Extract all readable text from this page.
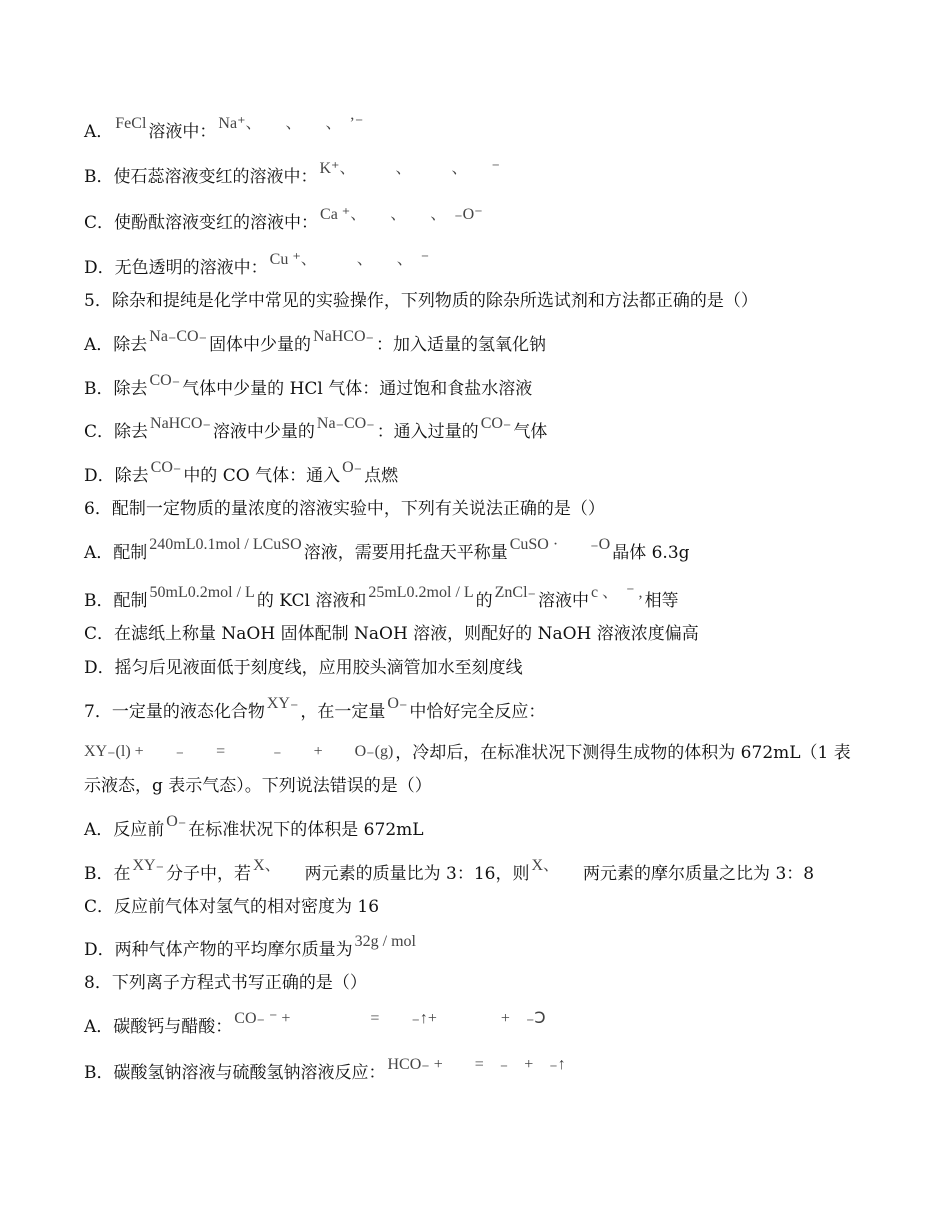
A． FeCl 溶液中： Na⁺、　　、　　、　ʼ⁻
B．使石蕊溶液变红的溶液中： K⁺、　　　、　　　、　　⁻
C．使酚酞溶液变红的溶液中： Ca ⁺、　　、　　、　₋O⁻
D．无色透明的溶液中： Cu ⁺、　　　、　　、　⁻
5．除杂和提纯是化学中常见的实验操作，下列物质的除杂所选试剂和方法都正确的是（）
A．除去 Na₋CO₋ 固体中少量的 NaHCO₋ ：加入适量的氢氧化钠
B．除去 CO₋ 气体中少量的 HCl 气体：通过饱和食盐水溶液
C．除去 NaHCO₋ 溶液中少量的 Na₋CO₋ ：通入过量的 CO₋ 气体
D．除去 CO₋ 中的 CO 气体：通入 O₋ 点燃
6．配制一定物质的量浓度的溶液实验中，下列有关说法正确的是（）
A．配制 240mL0.1mol / LCuSO 溶液，需要用托盘天平称量 CuSO ·　　₋O 晶体 6.3g
B．配制 50mL0.2mol / L 的 KCl 溶液和 25mL0.2mol / L 的 ZnCl₋ 溶液中 c 、　⁻ , 相等
C．在滤纸上称量 NaOH 固体配制 NaOH 溶液，则配好的 NaOH 溶液浓度偏高
D．摇匀后见液面低于刻度线，应用胶头滴管加水至刻度线
7．一定量的液态化合物 XY₋ ，在一定量 O₋ 中恰好完全反应：
XY₋(l) +　　₋　　=　　　₋　　+　　O₋(g) ，冷却后，在标准状况下测得生成物的体积为 672mL（1 表
示液态，g 表示气态）。下列说法错误的是（）
A．反应前 O₋ 在标准状况下的体积是 672mL
B．在 XY₋ 分子中，若 X、 两元素的质量比为 3：16，则 X、 两元素的摩尔质量之比为 3：8
C．反应前气体对氢气的相对密度为 16
D．两种气体产物的平均摩尔质量为 32g / mol
8．下列离子方程式书写正确的是（）
A．碳酸钙与醋酸： CO₋ ⁻ +　　　　　=　　₋↑+　　　　+　₋Ↄ
B．碳酸氢钠溶液与硫酸氢钠溶液反应： HCO₋ +　　=　₋　+　₋↑
